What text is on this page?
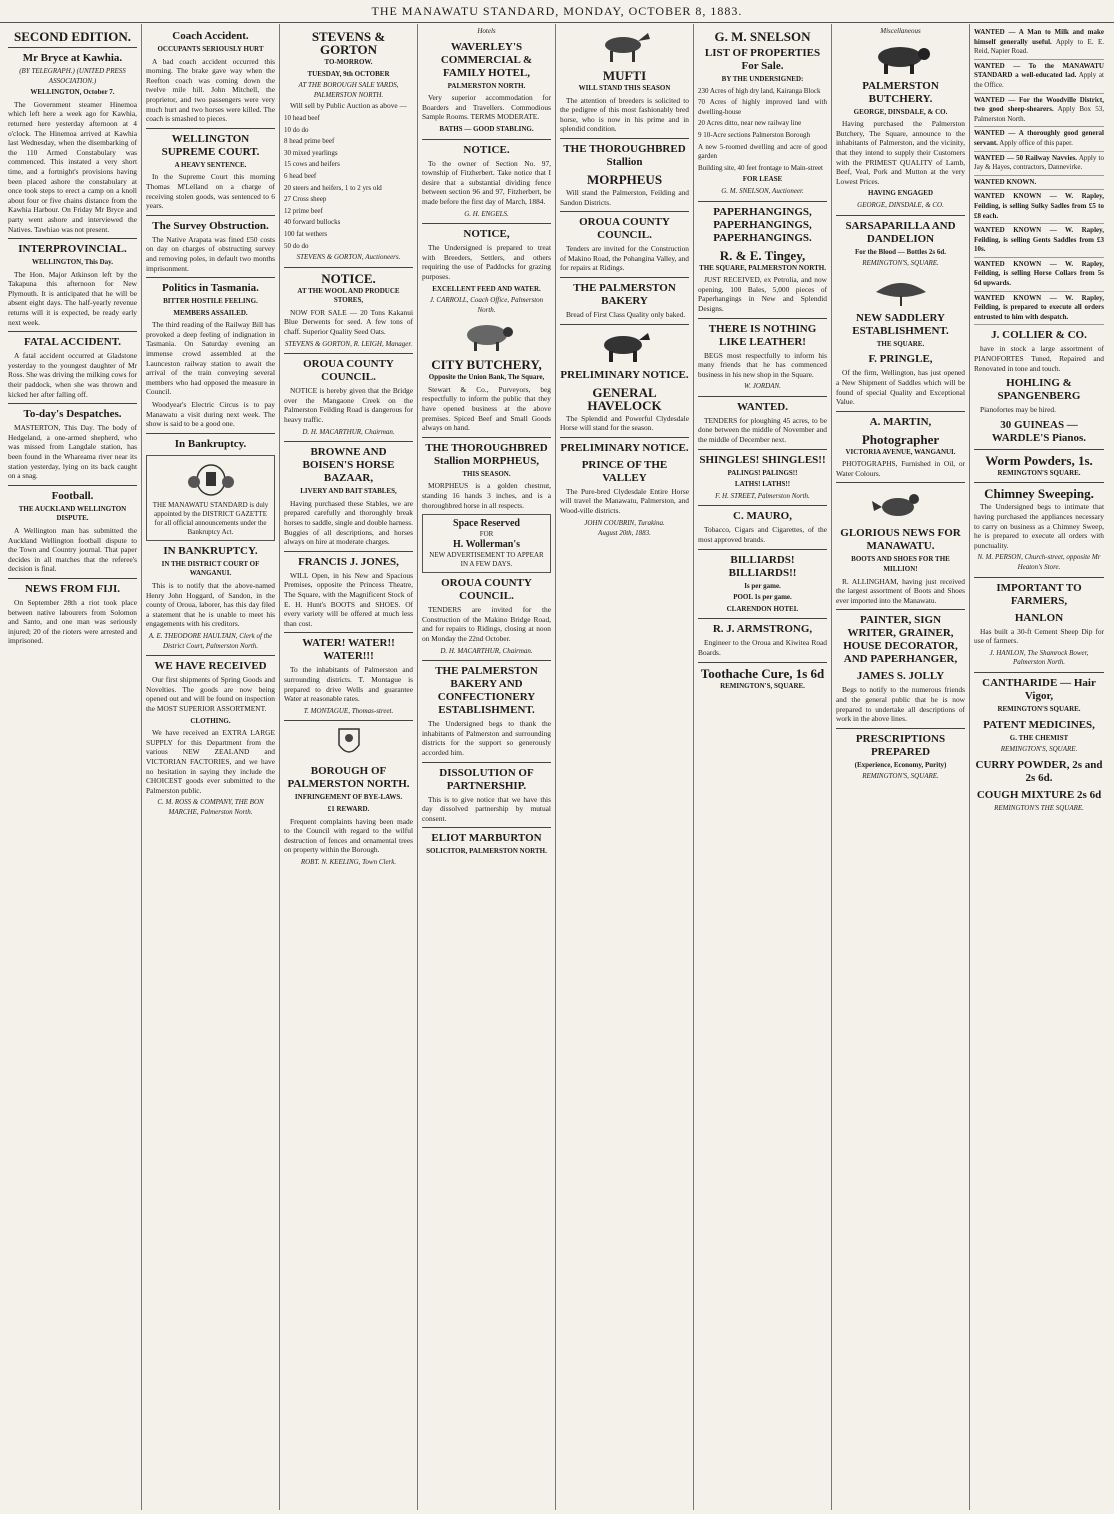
THE MANAWATU STANDARD, MONDAY, OCTOBER 8, 1883.
SECOND EDITION.
Mr Bryce at Kawhia.
(BY TELEGRAPH.) (UNITED PRESS ASSOCIATION.)
WELLINGTON, October 7.

The Government steamer Hinemoa which left here a week ago for Kawhia, returned here yesterday afternoon at 4 o'clock. The Hinemoa arrived at Kawhia last Wednesday, when the disembarking of the 110 Armed Constabulary was commenced. This instated a very short time, and a fortnight's provisions having been placed ashore the constabulary at once took steps to erect a camp on a knoll about four or five chains distance from the Kawhia Harbour. On Friday Mr Bryce and party went ashore and interviewed the Natives. Tawhiao was not present.

INTERPROVINCIAL.
WELLINGTON, This Day.

The Hon. Major Atkinson left by the Takapuna this afternoon for New Plymouth. It is anticipated that he will be absent eight days. The half-yearly revenue returns will it is expected, be ready early next week.

FATAL ACCIDENT.

A fatal accident occurred at Gladstone yesterday to the youngest daughter of Mr Ross. She was driving the milking cows for their paddock, when she was thrown and kicked her after falling off.

To-day's Despatches.

MASTERTON, This Day. The body of Hedgeland, a one-armed shepherd, who was missed from Langdale station, has been found in the Whareama river near its station yesterday, lying on its back caught on a snag.

Football.
THE AUCKLAND WELLINGTON DISPUTE.

A Wellington man has submitted the Auckland Wellington football dispute to the Town and Country journal. That paper decides in all matches that the referee's decision is final.

NEWS FROM FIJI.

On September 28th a riot took place between native labourers from Solomon and Santo, and one man was seriously injured; 20 of the rioters were arrested and imprisoned.

Coach Accident.
OCCUPANTS SERIOUSLY HURT

A bad coach accident occurred this morning. The brake gave way when the Reefton coach was coming down the twelve mile hill. John Mitchell, the proprietor, and two passengers were very much hurt and two horses were killed. The coach is smashed to pieces.

WELLINGTON SUPREME COURT.
A HEAVY SENTENCE.

In the Supreme Court this morning Thomas M'Lelland on a charge of receiving stolen goods, was sentenced to 6 years.

The Survey Obstruction.

The Native Arapata was fined £50 costs on day on charges of obstructing survey and removing poles, in default two months imprisonment.

Politics in Tasmania.
BITTER HOSTILE FEELING.
MEMBERS ASSAILED.

The third reading of the Railway Bill has provoked a deep feeling of indignation in Tasmania. On Saturday evening an immense crowd assembled at the Launceston railway station to await the arrival of the train conveying several members who had opposed the measure in Council.

Woodyear's Electric Circus is to pay Manawatu a visit during next week. The show is said to be a good one.

In Bankruptcy.
THE MANAWATU STANDARD is duly appointed by the DISTRICT GAZETTE for all official announcements under the Bankruptcy Act.
IN BANKRUPTCY.
IN THE DISTRICT COURT OF WANGANUI.

This is to notify that the above-named Henry John Hoggard, of Sandon, in the county of Oroua, laborer, has this day filed a statement that he is unable to meet his engagements with his creditors.

A. E. THEODORE HAULTAIN, Clerk of the District Court, Palmerston North.
WE HAVE RECEIVED

Our first shipments of Spring Goods and Novelties. The goods are now being opened out and will be found on inspection the MOST SUPERIOR ASSORTMENT.

CLOTHING.

We have received an EXTRA LARGE SUPPLY for this Department from the various NEW ZEALAND and VICTORIAN FACTORIES, and we have no hesitation in saying they include the CHOICEST goods ever submitted to the Palmerston public.

C. M. ROSS & COMPANY, THE BON MARCHE, Palmerston North.
STEVENS & GORTON
TO-MORROW.
TUESDAY, 9th OCTOBER
AT THE BOROUGH SALE YARDS, PALMERSTON NORTH.

Will sell by Public Auction as above —

10 head beef
10 do do
8 head prime beef
30 mixed yearlings
15 cows and heifers
6 head beef
20 steers and heifers, 1 to 2 yrs old
27 Cross sheep
12 prime beef
40 forward bullocks
100 fat wethers
50 do do
STEVENS & GORTON, Auctioneers.
NOTICE.
AT THE WOOL AND PRODUCE STORES,

NOW FOR SALE — 20 Tons Kakanui Blue Derwents for seed. A few tons of chaff. Superior Quality Seed Oats.

STEVENS & GORTON, R. LEIGH, Manager.
OROUA COUNTY COUNCIL.

NOTICE is hereby given that the Bridge over the Mangaone Creek on the Palmerston Feilding Road is dangerous for heavy traffic.

D. H. MACARTHUR, Chairman.
BROWNE AND BOISEN'S HORSE BAZAAR,
LIVERY AND BAIT STABLES,

Having purchased these Stables, we are prepared carefully and thoroughly break horses to saddle, single and double harness. Buggies of all descriptions, and horses always on hire at moderate charges.

FRANCIS J. JONES,

WILL Open, in his New and Spacious Premises, opposite the Princess Theatre, The Square, with the Magnificent Stock of E. H. Hunt's BOOTS and SHOES. Of every variety will be offered at much less than cost.

WATER! WATER!! WATER!!!

To the inhabitants of Palmerston and surrounding districts. T. Montague is prepared to drive Wells and guarantee Water at reasonable rates.

T. MONTAGUE, Thomas-street.
BOROUGH OF PALMERSTON NORTH.
INFRINGEMENT OF BYE-LAWS.
£1 REWARD.

Frequent complaints having been made to the Council with regard to the wilful destruction of fences and ornamental trees on property within the Borough.

ROBT. N. KEELING, Town Clerk.
Hotels
WAVERLEY'S COMMERCIAL & FAMILY HOTEL,
PALMERSTON NORTH.

Very superior accommodation for Boarders and Travellers. Commodious Sample Rooms. TERMS MODERATE.

BATHS — GOOD STABLING.
NOTICE.

To the owner of Section No. 97, township of Fitzherbert. Take notice that I desire that a substantial dividing fence between section 96 and 97, Fitzherbert, be made before the first day of March, 1884.

G. H. ENGELS.
NOTICE,

The Undersigned is prepared to treat with Breeders, Settlers, and others requiring the use of Paddocks for grazing purposes.

EXCELLENT FEED AND WATER.
J. CARROLL, Coach Office, Palmerston North.
CITY BUTCHERY,
Opposite the Union Bank, The Square,

Stewart & Co., Purveyors, beg respectfully to inform the public that they have opened business at the above premises. Spiced Beef and Small Goods always on hand.

THE THOROUGHBRED Stallion MORPHEUS,
THIS SEASON.

MORPHEUS is a golden chestnut, standing 16 hands 3 inches, and is a thoroughbred horse in all respects.

Space Reserved
FOR
H. Wollerman's
NEW ADVERTISEMENT TO APPEAR IN A FEW DAYS.
OROUA COUNTY COUNCIL.

TENDERS are invited for the Construction of the Makino Bridge Road, and for repairs to Ridings, closing at noon on Monday the 22nd October.

D. H. MACARTHUR, Chairman.
THE PALMERSTON BAKERY AND CONFECTIONERY ESTABLISHMENT.

The Undersigned begs to thank the inhabitants of Palmerston and surrounding districts for the support so generously accorded him.

DISSOLUTION OF PARTNERSHIP.

This is to give notice that we have this day dissolved partnership by mutual consent.

ELIOT MARBURTON
SOLICITOR, PALMERSTON NORTH.
MUFTI
WILL STAND THIS SEASON

The attention of breeders is solicited to the pedigree of this most fashionably bred horse, who is now in his prime and in splendid condition.

THE THOROUGHBRED Stallion
MORPHEUS

Will stand the Palmerston, Feilding and Sandon Districts.

OROUA COUNTY COUNCIL.

Tenders are invited for the Construction of Makino Road, the Pohangina Valley, and for repairs at Ridings.

THE PALMERSTON BAKERY

Bread of First Class Quality only baked.

PRELIMINARY NOTICE.
GENERAL HAVELOCK

The Splendid and Powerful Clydesdale Horse will stand for the season.

PRELIMINARY NOTICE.
PRINCE OF THE VALLEY

The Pure-bred Clydesdale Entire Horse will travel the Manawatu, Palmerston, and Wood-ville districts.

JOHN COUBRIN, Turakina.
August 20th, 1883.
G. M. SNELSON
LIST OF PROPERTIES For Sale.
BY THE UNDERSIGNED:
230 Acres of high dry land, Kairanga Block
70 Acres of highly improved land with dwelling-house
20 Acres ditto, near new railway line
9 10-Acre sections Palmerston Borough
A new 5-roomed dwelling and acre of good garden
Building site, 40 feet frontage to Main-street
FOR LEASE
G. M. SNELSON, Auctioneer.
PAPERHANGINGS, PAPERHANGINGS, PAPERHANGINGS.
R. & E. Tingey,
THE SQUARE, PALMERSTON NORTH.

JUST RECEIVED, ex Petrolia, and now opening, 100 Bales, 5,000 pieces of Paperhangings in New and Splendid Designs.

THERE IS NOTHING LIKE LEATHER!

BEGS most respectfully to inform his many friends that he has commenced business in his new shop in the Square.

W. JORDAN.
WANTED.

TENDERS for ploughing 45 acres, to be done between the middle of November and the middle of December next.

SHINGLES! SHINGLES!!
PALINGS! PALINGS!!
LATHS! LATHS!!
F. H. STREET, Palmerston North.
C. MAURO,

Tobacco, Cigars and Cigarettes, of the most approved brands.

BILLIARDS! BILLIARDS!!
Is per game.
POOL 1s per game.
CLARENDON HOTEL
R. J. ARMSTRONG,

Engineer to the Oroua and Kiwitea Road Boards.

Toothache Cure, 1s 6d
REMINGTON'S, SQUARE.
Miscellaneous
PALMERSTON BUTCHERY.
GEORGE, DINSDALE, & CO.

Having purchased the Palmerston Butchery, The Square, announce to the inhabitants of Palmerston, and the vicinity, that they intend to supply their Customers with the PRIMEST QUALITY of Lamb, Beef, Veal, Pork and Mutton at the very Lowest Prices.

HAVING ENGAGED
GEORGE, DINSDALE, & CO.
SARSAPARILLA AND DANDELION
For the Blood — Bottles 2s 6d.
REMINGTON'S, SQUARE.
NEW SADDLERY ESTABLISHMENT.
THE SQUARE.
F. PRINGLE,

Of the firm, Wellington, has just opened a New Shipment of Saddles which will be found of special Quality and Exceptional Value.

A. MARTIN,
Photographer
VICTORIA AVENUE, WANGANUI.

PHOTOGRAPHS, Furnished in Oil, or Water Colours.

GLORIOUS NEWS FOR MANAWATU.
BOOTS AND SHOES FOR THE MILLION!

R. ALLINGHAM, having just received the largest assortment of Boots and Shoes ever imported into the Manawatu.

PAINTER, SIGN WRITER, GRAINER, HOUSE DECORATOR, AND PAPERHANGER,
JAMES S. JOLLY

Begs to notify to the numerous friends and the general public that he is now prepared to undertake all descriptions of work in the above lines.

PRESCRIPTIONS PREPARED
(Experience, Economy, Purity)
REMINGTON'S, SQUARE.
WANTED — A Man to Milk and make himself generally useful. Apply to E. E. Reid, Napier Road.
WANTED — To the MANAWATU STANDARD a well-educated lad. Apply at the Office.
WANTED — For the Woodville District, two good sheep-shearers. Apply Box 53, Palmerston North.
WANTED — A thoroughly good general servant. Apply office of this paper.
WANTED — 50 Railway Navvies. Apply to Jay & Hayes, contractors, Dannevirke.
WANTED KNOWN.
WANTED KNOWN — W. Rapley, Feilding, is selling Sulky Sadles from £5 to £8 each.
WANTED KNOWN — W. Rapley, Feilding, is selling Gents Saddles from £3 10s.
WANTED KNOWN — W. Rapley, Feilding, is selling Horse Collars from 5s 6d upwards.
WANTED KNOWN — W. Rapley, Feilding, is prepared to execute all orders entrusted to him with despatch.
J. COLLIER & CO.

have in stock a large assortment of PIANOFORTES Tuned, Repaired and Renovated in tone and touch.

HOHLING & SPANGENBERG

Pianofortes may be hired.

30 GUINEAS — WARDLE'S Pianos.
Worm Powders, 1s.
REMINGTON'S SQUARE.
Chimney Sweeping.

The Undersigned begs to intimate that having purchased the appliances necessary to carry on business as a Chimney Sweep, he is prepared to execute all orders with punctuality.

N. M. PERSON, Church-street, opposite Mr Heaton's Store.
IMPORTANT TO FARMERS,
HANLON

Has built a 30-ft Cement Sheep Dip for use of farmers.

J. HANLON, The Shamrock Bower, Palmerston North.
CANTHARIDE — Hair Vigor,
REMINGTON'S SQUARE.
PATENT MEDICINES,
G. THE CHEMIST
REMINGTON'S, SQUARE.
CURRY POWDER, 2s and 2s 6d.
COUGH MIXTURE 2s 6d
REMINGTON'S THE SQUARE.
